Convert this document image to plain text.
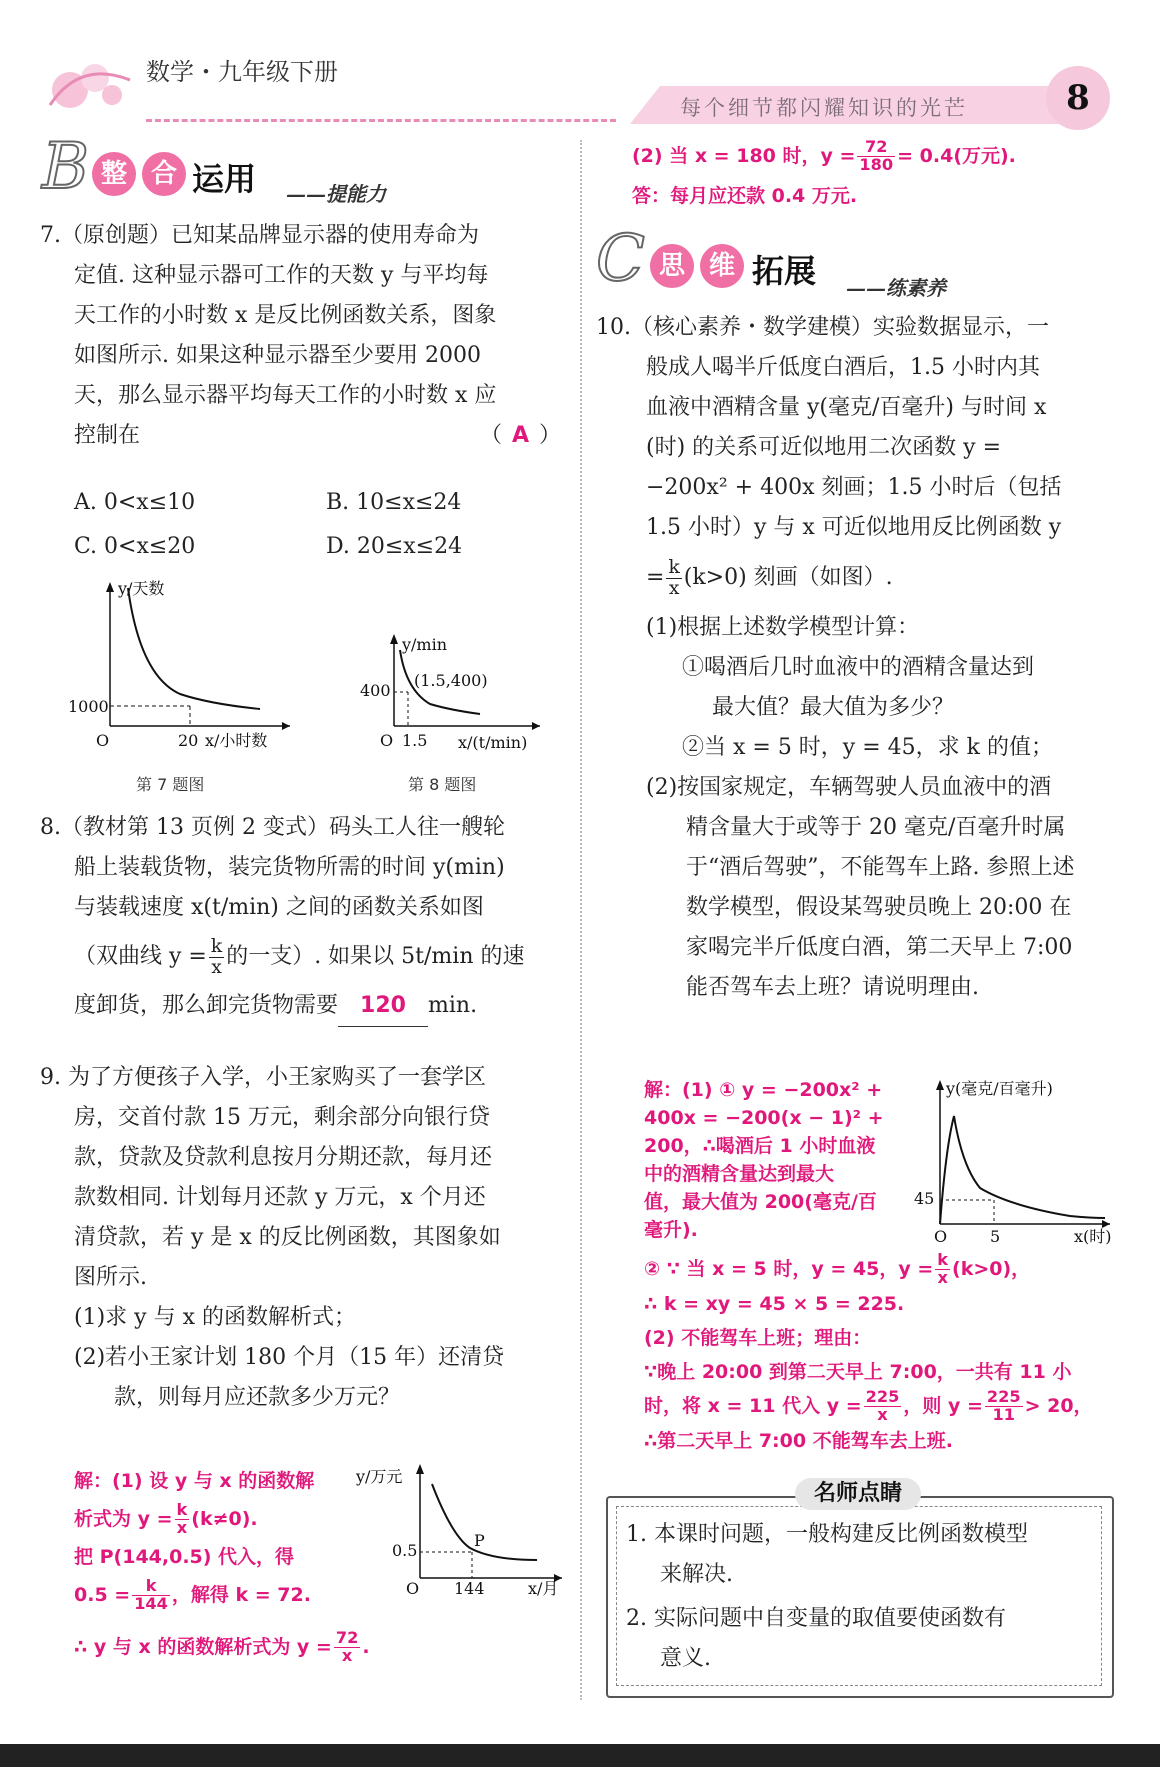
数学・九年级下册
每个细节都闪耀知识的光芒	8
B 整 合 运用 ——提能力
7.（原创题）已知某品牌显示器的使用寿命为
定值. 这种显示器可工作的天数 y 与平均每
天工作的小时数 x 是反比例函数关系，图象
如图所示. 如果这种显示器至少要用 2000
天，那么显示器平均每天工作的小时数 x 应
控制在	（ A ）
A. 0<x≤10	B. 10≤x≤24
C. 0<x≤20	D. 20≤x≤24
y/天数
1000
O	20 x/小时数
第 7 题图
y/min
400
(1.5,400)
O 1.5 x/(t/min)
第 8 题图
8.（教材第 13 页例 2 变式）码头工人往一艘轮
船上装载货物，装完货物所需的时间 y(min)
与装载速度 x(t/min) 之间的函数关系如图
（双曲线 $y = \frac{k}{x}$ 的一支）. 如果以 5t/min 的速
度卸货，那么卸完货物需要 120 min.
9. 为了方便孩子入学，小王家购买了一套学区
房，交首付款 15 万元，剩余部分向银行贷
款，贷款及贷款利息按月分期还款，每月还
款数相同. 计划每月还款 y 万元，x 个月还
清贷款，若 y 是 x 的反比例函数，其图象如
图所示.
(1)求 y 与 x 的函数解析式；
(2)若小王家计划 180 个月（15 年）还清贷
款，则每月应还款多少万元？
解：(1) 设 y 与 x 的函数解
析式为 $y = \frac{k}{x} (k\ne 0)$.
把 P(144,0.5) 代入，得
$0.5 = \frac{k}{144}$ ，解得 k = 72.
∴ y 与 x 的函数解析式为 $y = \frac{72}{x}$ .
y/万元
0.5
P
O 144	x/月
(2) 当 x = 180 时，$y = \frac{72}{180} = 0.4$(万元).
答：每月应还款 0.4 万元.
C 思 维 拓展 ——练素养
10.（核心素养・数学建模）实验数据显示，一
般成人喝半斤低度白酒后，1.5 小时内其
血液中酒精含量 y(毫克/百毫升) 与时间 x
(时) 的关系可近似地用二次函数 y =
−200x² + 400x 刻画；1.5 小时后（包括
1.5 小时）y 与 x 可近似地用反比例函数 y
= $\frac{k}{x} (k>0)$ 刻画（如图）.
(1)根据上述数学模型计算：
①喝酒后几时血液中的酒精含量达到
最大值？最大值为多少？
②当 x = 5 时，y = 45，求 k 的值；
(2)按国家规定，车辆驾驶人员血液中的酒
精含量大于或等于 20 毫克/百毫升时属
于“酒后驾驶”，不能驾车上路. 参照上述
数学模型，假设某驾驶员晚上 20:00 在
家喝完半斤低度白酒，第二天早上 7:00
能否驾车去上班？请说明理由.
解：(1) ① y = −200x² +
400x = −200(x − 1)² +
200，∴喝酒后 1 小时血液
中的酒精含量达到最大
值，最大值为 200(毫克/百
毫升).
y(毫克/百毫升)
45
O	5	x(时)
② ∵ 当 x = 5 时，y = 45，$y = \frac{k}{x} (k>0)$，
∴ k = xy = 45 × 5 = 225.
(2) 不能驾车上班；理由：
∵晚上 20:00 到第二天早上 7:00，一共有 11 小
时，将 x = 11 代入 $y = \frac{225}{x}$ ，则 $y = \frac{225}{11} > 20$，
∴第二天早上 7:00 不能驾车去上班.
名师点睛
1. 本课时问题，一般构建反比例函数模型
来解决.
2. 实际问题中自变量的取值要使函数有
意义.
